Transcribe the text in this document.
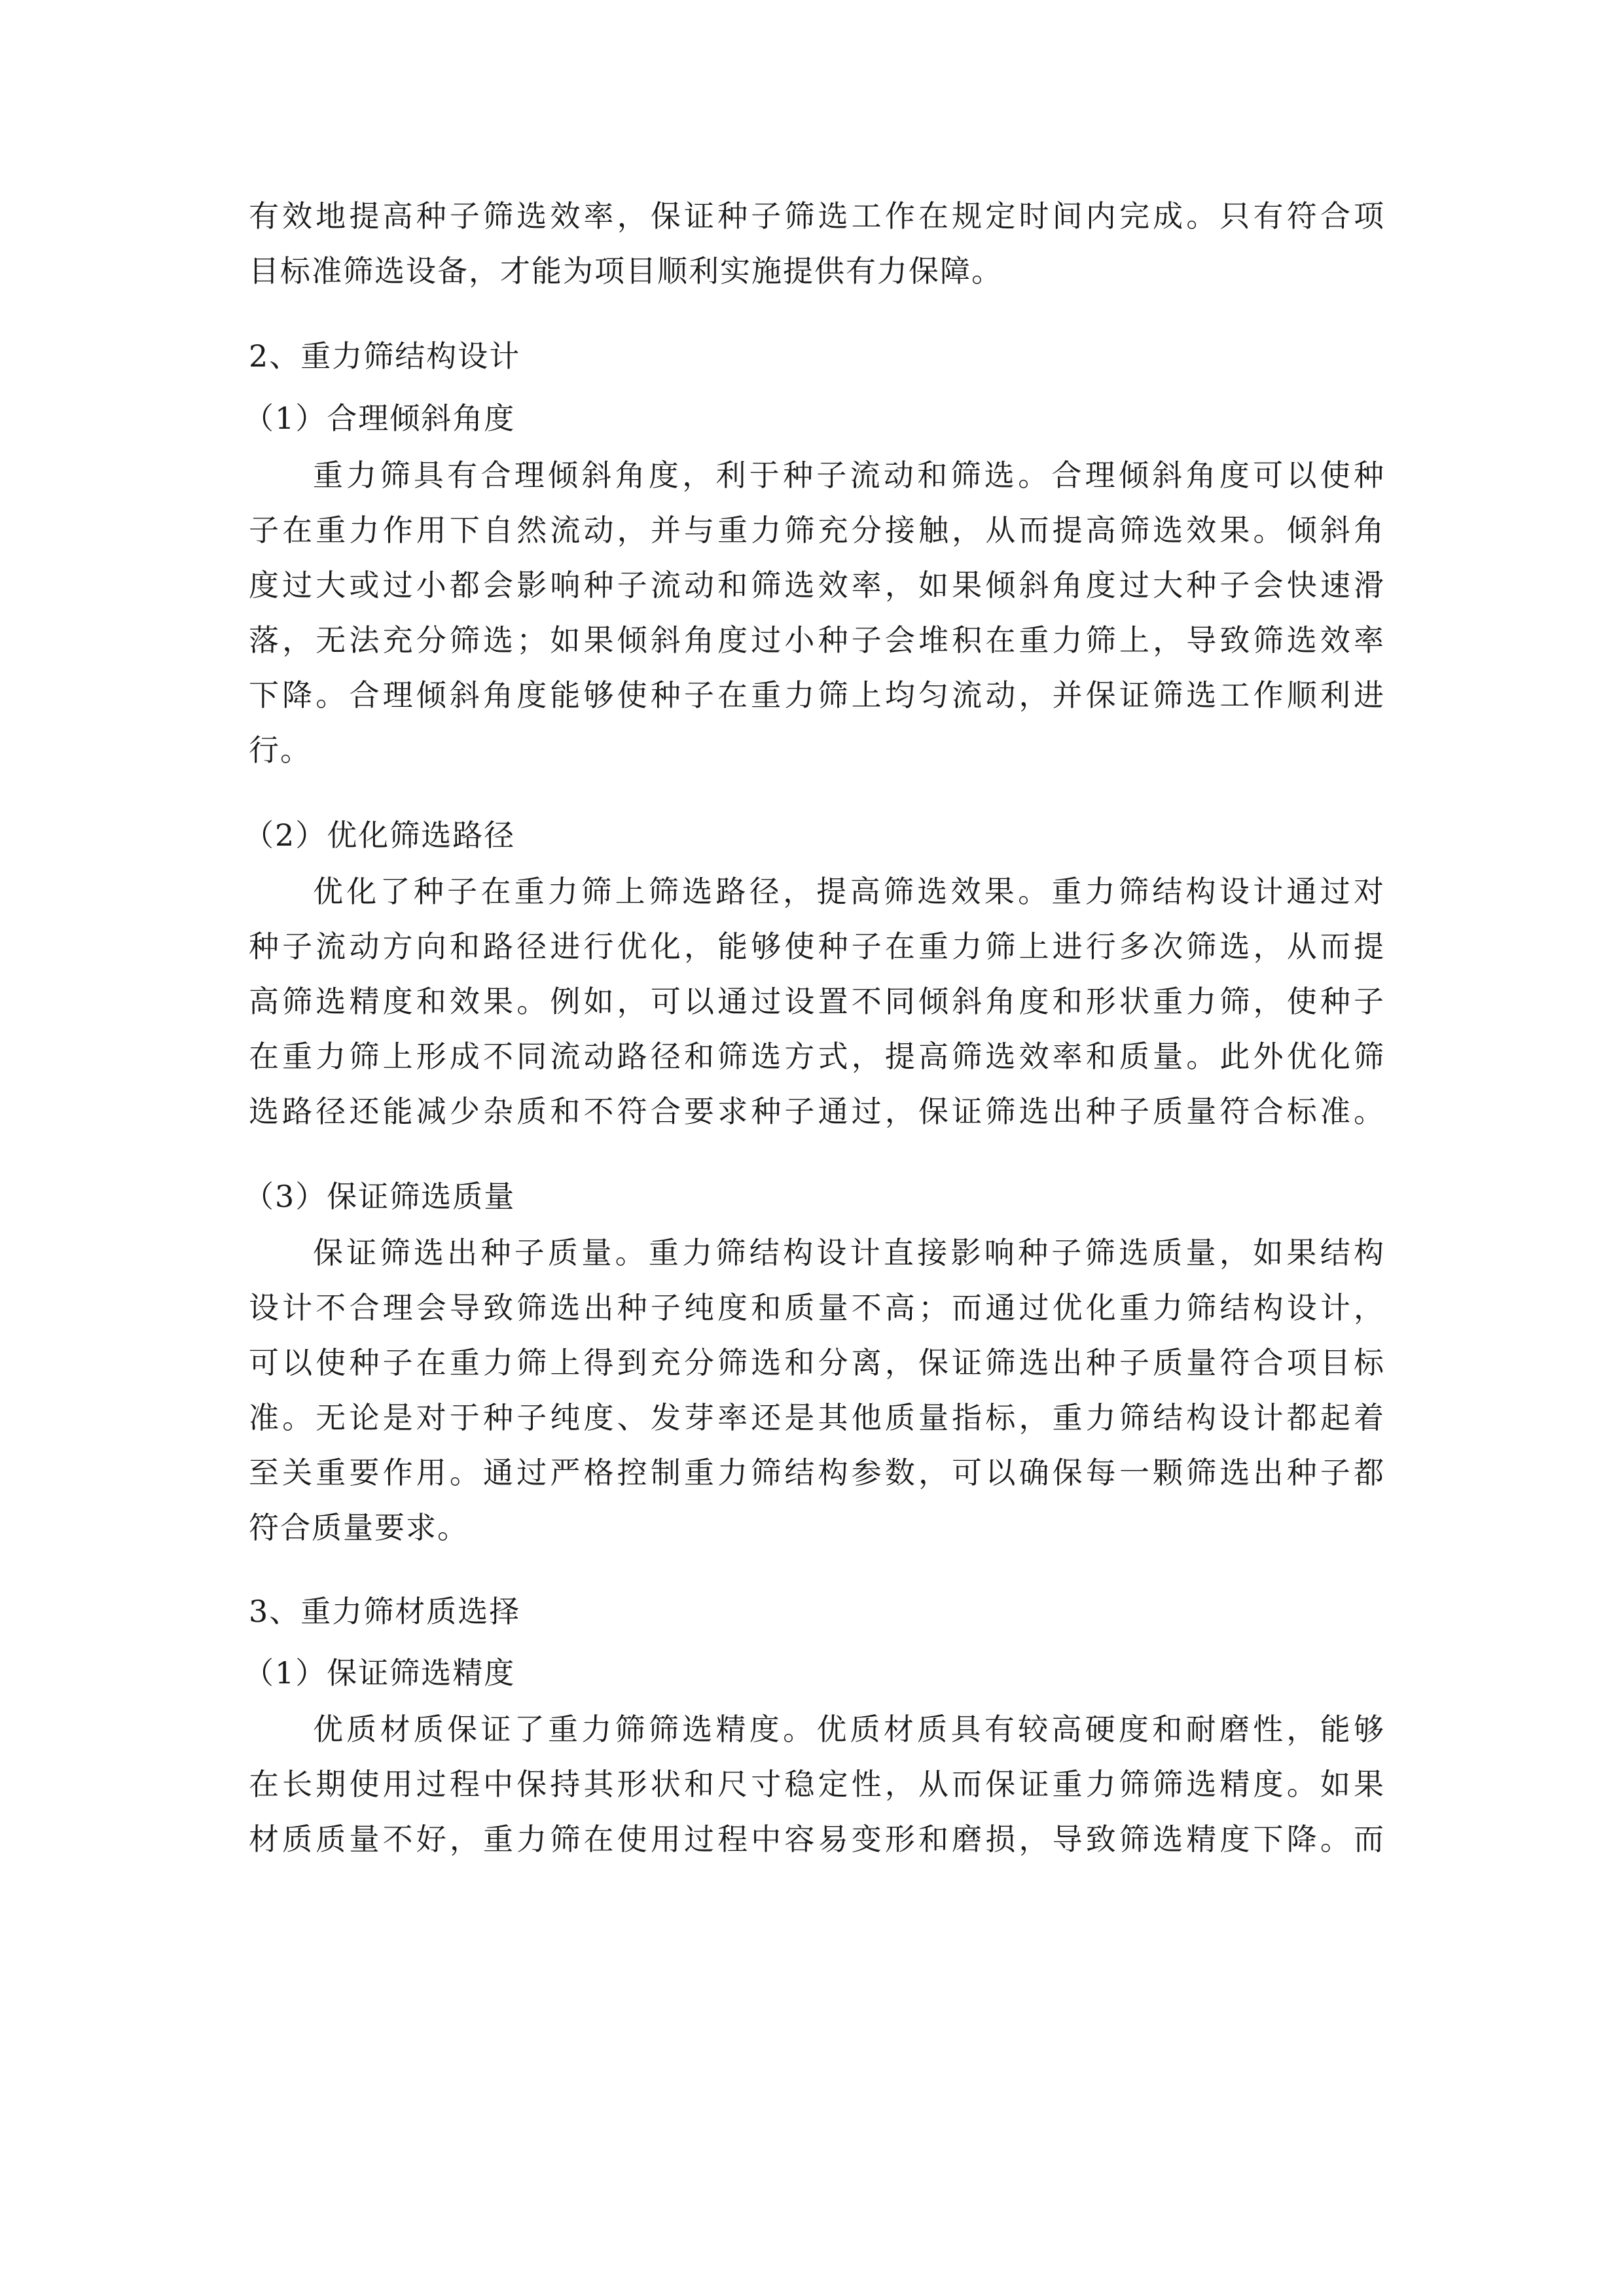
有效地提高种子筛选效率，保证种子筛选工作在规定时间内完成。只有符合项
目标准筛选设备，才能为项目顺利实施提供有力保障。
2、重力筛结构设计
（1）合理倾斜角度
重力筛具有合理倾斜角度，利于种子流动和筛选。合理倾斜角度可以使种
子在重力作用下自然流动，并与重力筛充分接触，从而提高筛选效果。倾斜角
度过大或过小都会影响种子流动和筛选效率，如果倾斜角度过大种子会快速滑
落，无法充分筛选；如果倾斜角度过小种子会堆积在重力筛上，导致筛选效率
下降。合理倾斜角度能够使种子在重力筛上均匀流动，并保证筛选工作顺利进
行。
（2）优化筛选路径
优化了种子在重力筛上筛选路径，提高筛选效果。重力筛结构设计通过对
种子流动方向和路径进行优化，能够使种子在重力筛上进行多次筛选，从而提
高筛选精度和效果。例如，可以通过设置不同倾斜角度和形状重力筛，使种子
在重力筛上形成不同流动路径和筛选方式，提高筛选效率和质量。此外优化筛
选路径还能减少杂质和不符合要求种子通过，保证筛选出种子质量符合标准。
（3）保证筛选质量
保证筛选出种子质量。重力筛结构设计直接影响种子筛选质量，如果结构
设计不合理会导致筛选出种子纯度和质量不高；而通过优化重力筛结构设计，
可以使种子在重力筛上得到充分筛选和分离，保证筛选出种子质量符合项目标
准。无论是对于种子纯度、发芽率还是其他质量指标，重力筛结构设计都起着
至关重要作用。通过严格控制重力筛结构参数，可以确保每一颗筛选出种子都
符合质量要求。
3、重力筛材质选择
（1）保证筛选精度
优质材质保证了重力筛筛选精度。优质材质具有较高硬度和耐磨性，能够
在长期使用过程中保持其形状和尺寸稳定性，从而保证重力筛筛选精度。如果
材质质量不好，重力筛在使用过程中容易变形和磨损，导致筛选精度下降。而
